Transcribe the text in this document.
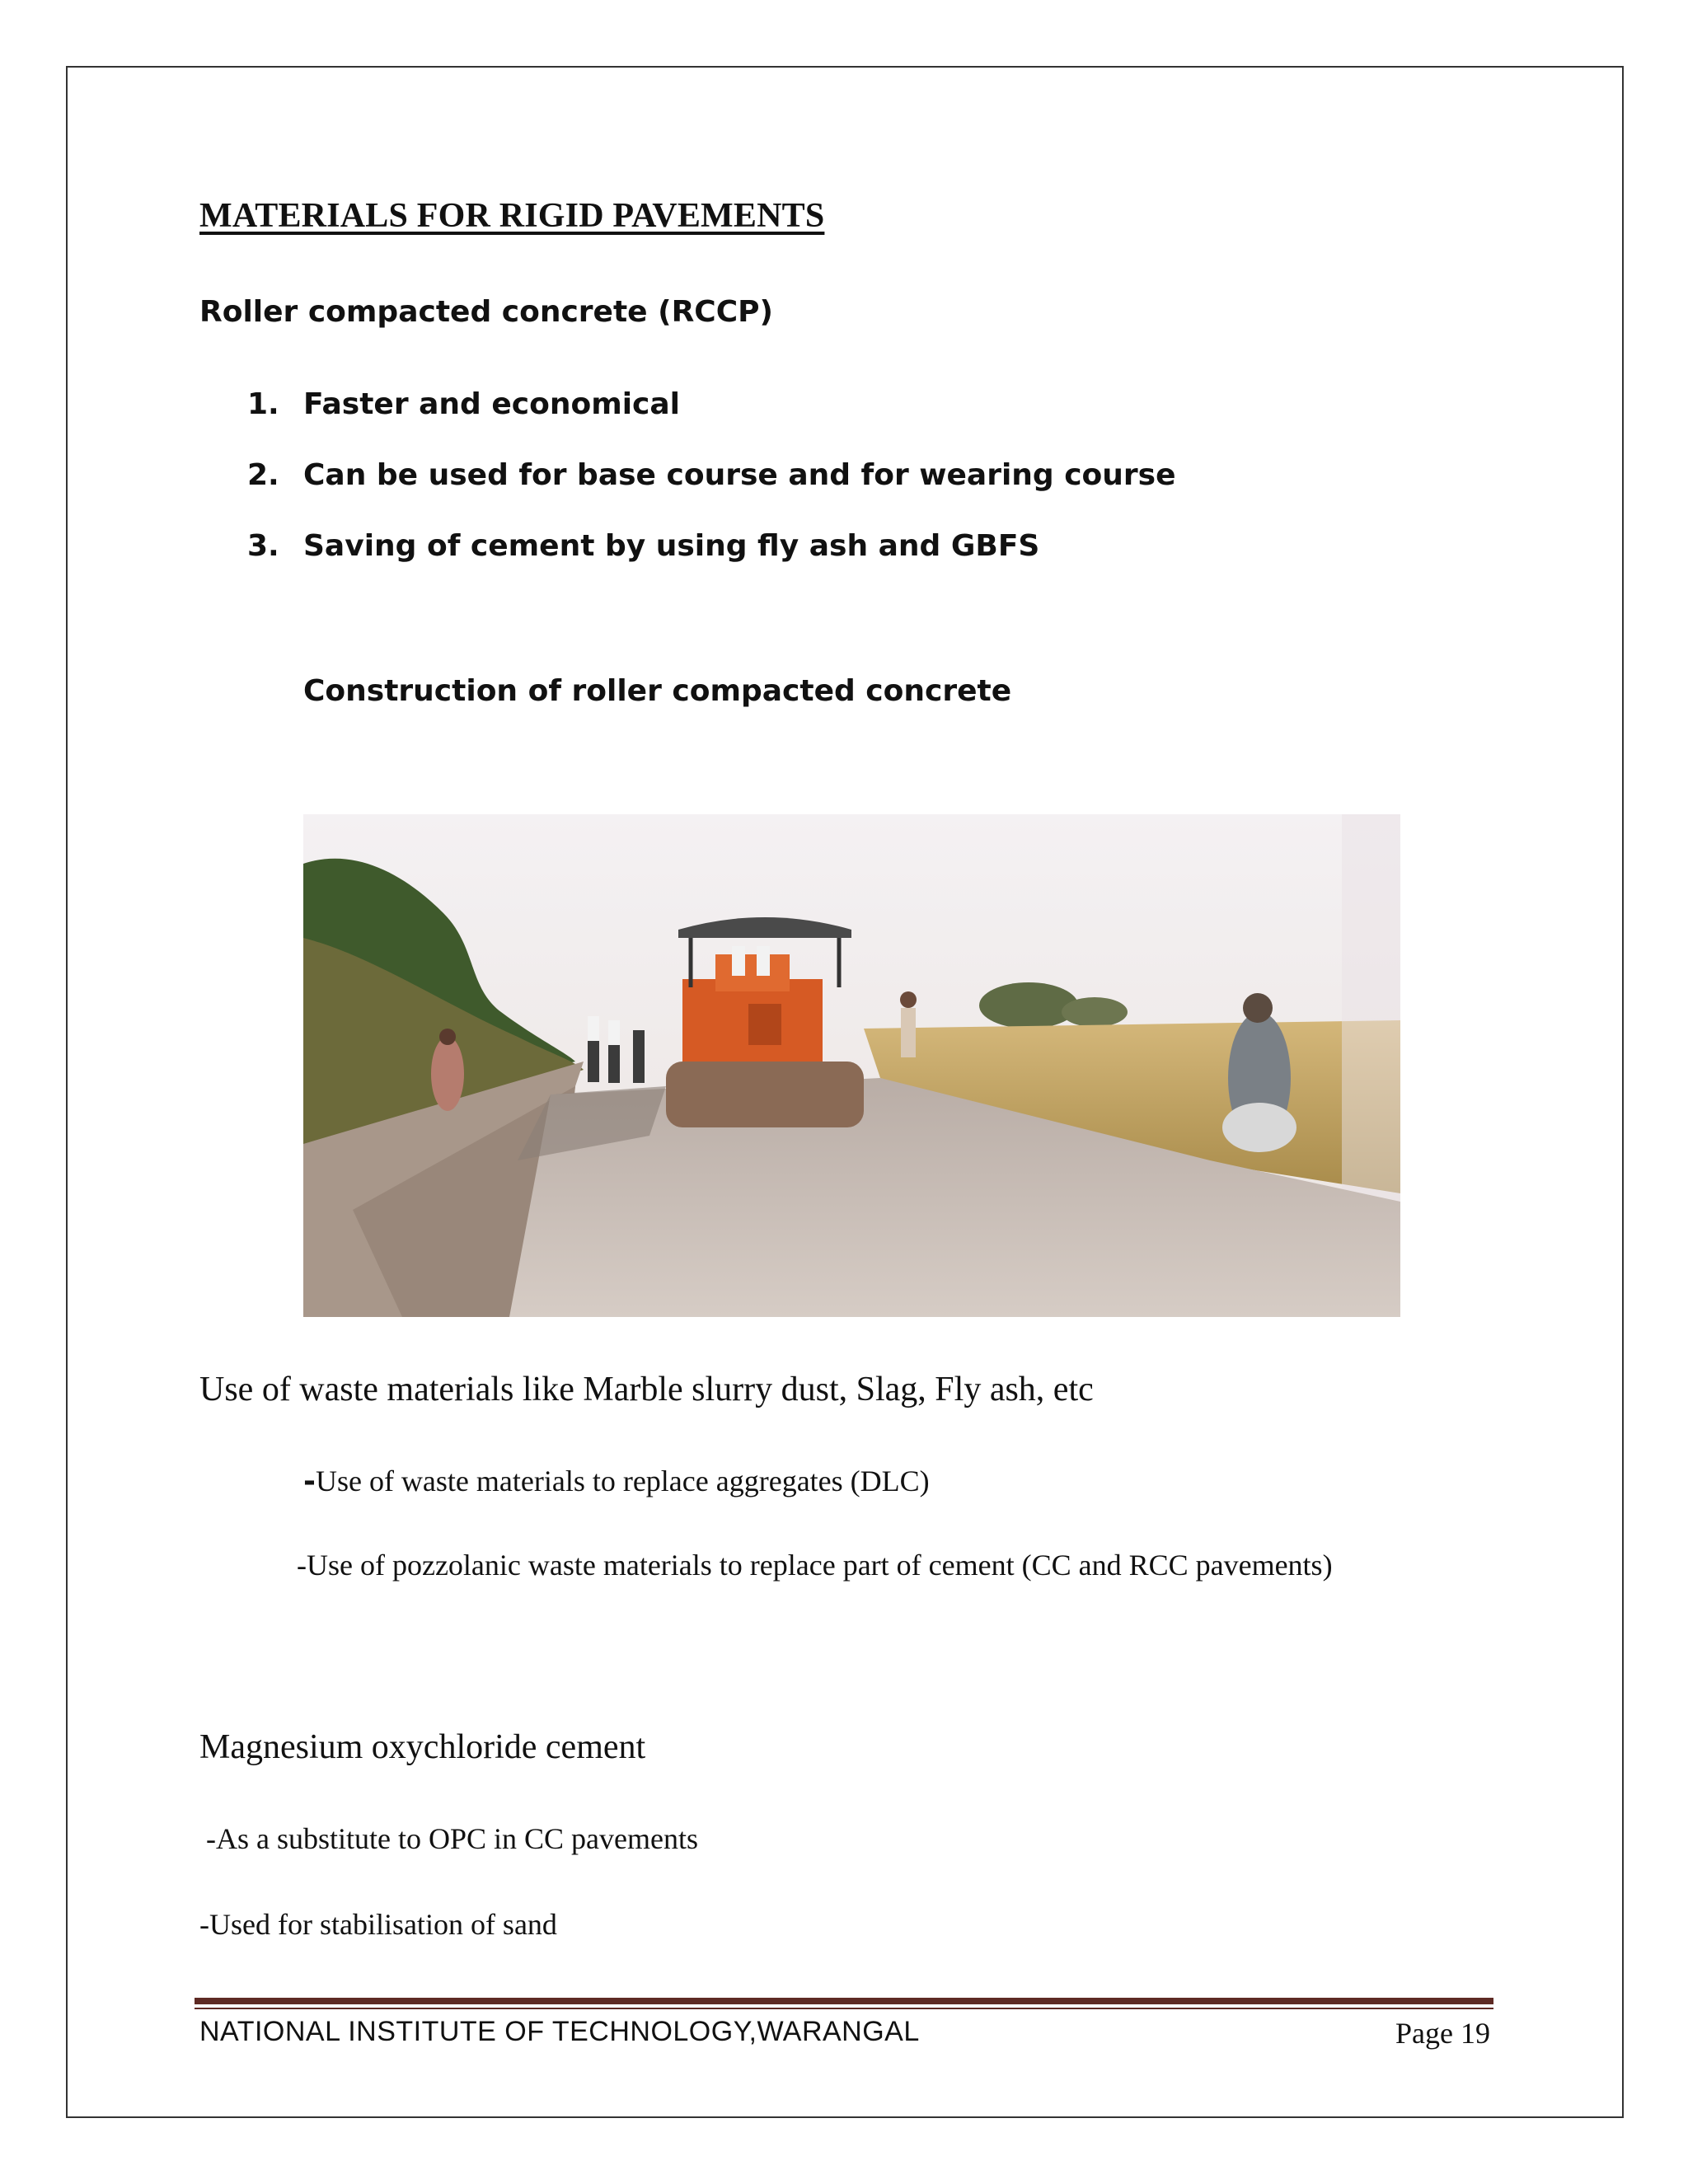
MATERIALS FOR RIGID PAVEMENTS
Roller compacted concrete (RCCP)
1. Faster and economical
2. Can be used for base course and for wearing course
3. Saving of cement by using fly ash and GBFS
Construction of roller compacted concrete
Use of waste materials like Marble slurry dust, Slag, Fly ash, etc
-Use of waste materials to replace aggregates (DLC)
-Use of pozzolanic waste materials to replace part of cement (CC and RCC pavements)
Magnesium oxychloride cement
-As a substitute to OPC in CC pavements
-Used for stabilisation of sand
NATIONAL INSTITUTE OF TECHNOLOGY,WARANGAL	Page 19
